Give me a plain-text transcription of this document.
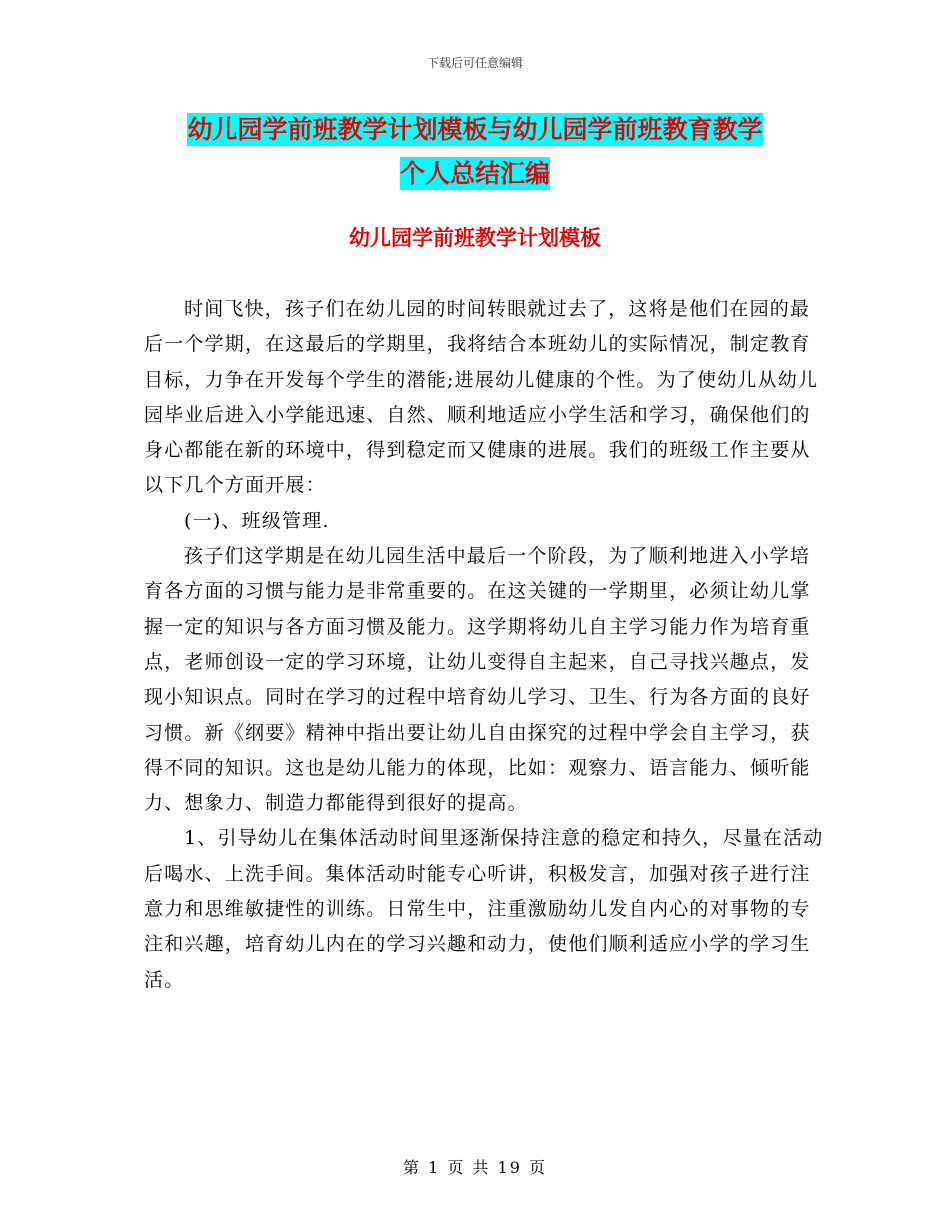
下载后可任意编辑
幼儿园学前班教学计划模板与幼儿园学前班教育教学
个人总结汇编
幼儿园学前班教学计划模板

时间飞快，孩子们在幼儿园的时间转眼就过去了，这将是他们在园的最后一个学期，在这最后的学期里，我将结合本班幼儿的实际情况，制定教育目标，力争在开发每个学生的潜能;进展幼儿健康的个性。为了使幼儿从幼儿园毕业后进入小学能迅速、自然、顺利地适应小学生活和学习，确保他们的身心都能在新的环境中，得到稳定而又健康的进展。我们的班级工作主要从以下几个方面开展：

(一)、班级管理.

孩子们这学期是在幼儿园生活中最后一个阶段，为了顺利地进入小学培育各方面的习惯与能力是非常重要的。在这关键的一学期里，必须让幼儿掌握一定的知识与各方面习惯及能力。这学期将幼儿自主学习能力作为培育重点，老师创设一定的学习环境，让幼儿变得自主起来，自己寻找兴趣点，发现小知识点。同时在学习的过程中培育幼儿学习、卫生、行为各方面的良好习惯。新《纲要》精神中指出要让幼儿自由探究的过程中学会自主学习，获得不同的知识。这也是幼儿能力的体现，比如：观察力、语言能力、倾听能力、想象力、制造力都能得到很好的提高。

1、引导幼儿在集体活动时间里逐渐保持注意的稳定和持久，尽量在活动后喝水、上洗手间。集体活动时能专心听讲，积极发言，加强对孩子进行注意力和思维敏捷性的训练。日常生中，注重激励幼儿发自内心的对事物的专注和兴趣，培育幼儿内在的学习兴趣和动力，使他们顺利适应小学的学习生活。

第 1 页 共 19 页
